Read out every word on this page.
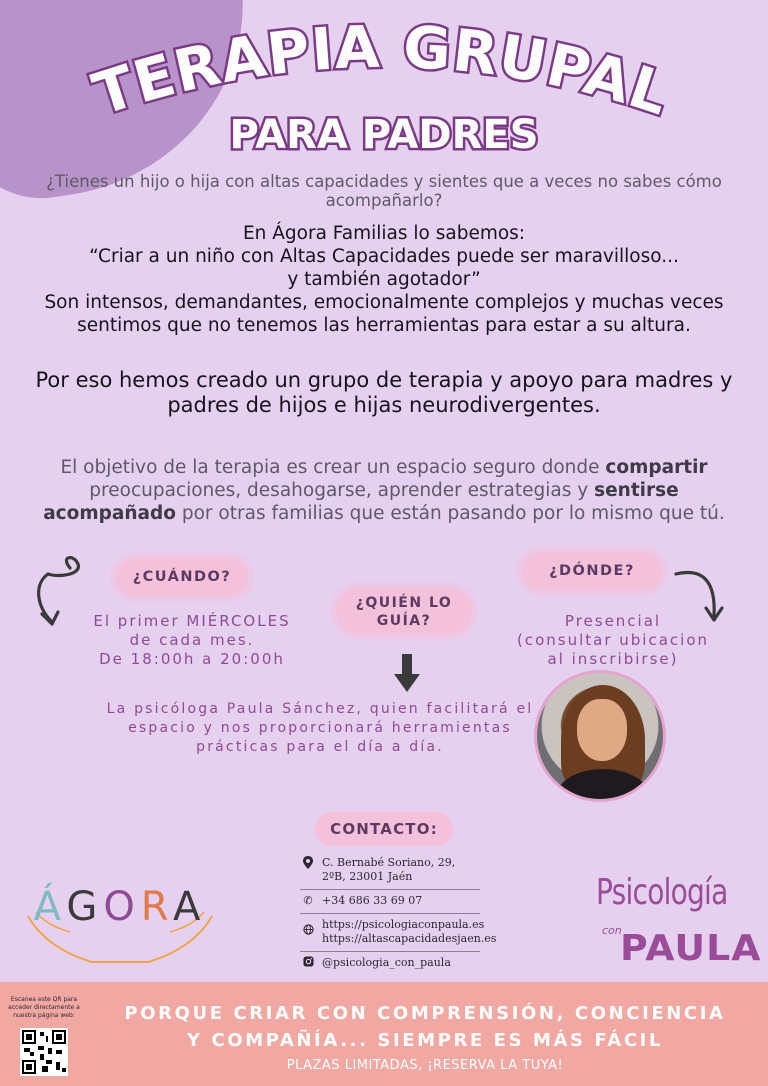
TERAPIA GRUPAL
PARA PADRES
¿Tienes un hijo o hija con altas capacidades y sientes que a veces no sabes cómo acompañarlo?
En Ágora Familias lo sabemos:
“Criar a un niño con Altas Capacidades puede ser maravilloso...
y también agotador”
Son intensos, demandantes, emocionalmente complejos y muchas veces sentimos que no tenemos las herramientas para estar a su altura.
Por eso hemos creado un grupo de terapia y apoyo para madres y padres de hijos e hijas neurodivergentes.
El objetivo de la terapia es crear un espacio seguro donde compartir preocupaciones, desahogarse, aprender estrategias y sentirse acompañado por otras familias que están pasando por lo mismo que tú.
¿CUÁNDO?
El primer MIÉRCOLES
de cada mes.
De 18:00h a 20:00h
¿QUIÉN LO
GUÍA?
La psicóloga Paula Sánchez, quien facilitará el espacio y nos proporcionará herramientas prácticas para el día a día.
¿DÓNDE?
Presencial
(consultar ubicacion
al inscribirse)
CONTACTO:
C. Bernabé Soriano, 29,
2ºB, 23001 Jaén
✆ +34 686 33 69 07
https://psicologiaconpaula.es
https://altascapacidadesjaen.es
@psicologia_con_paula
ÁGORA	Psicología
con
PAULA
Escanea este QR para acceder directamente a nuestra página web:	PORQUE CRIAR CON COMPRENSIÓN, CONCIENCIA
Y COMPAÑÍA... SIEMPRE ES MÁS FÁCIL
PLAZAS LIMITADAS, ¡RESERVA LA TUYA!
